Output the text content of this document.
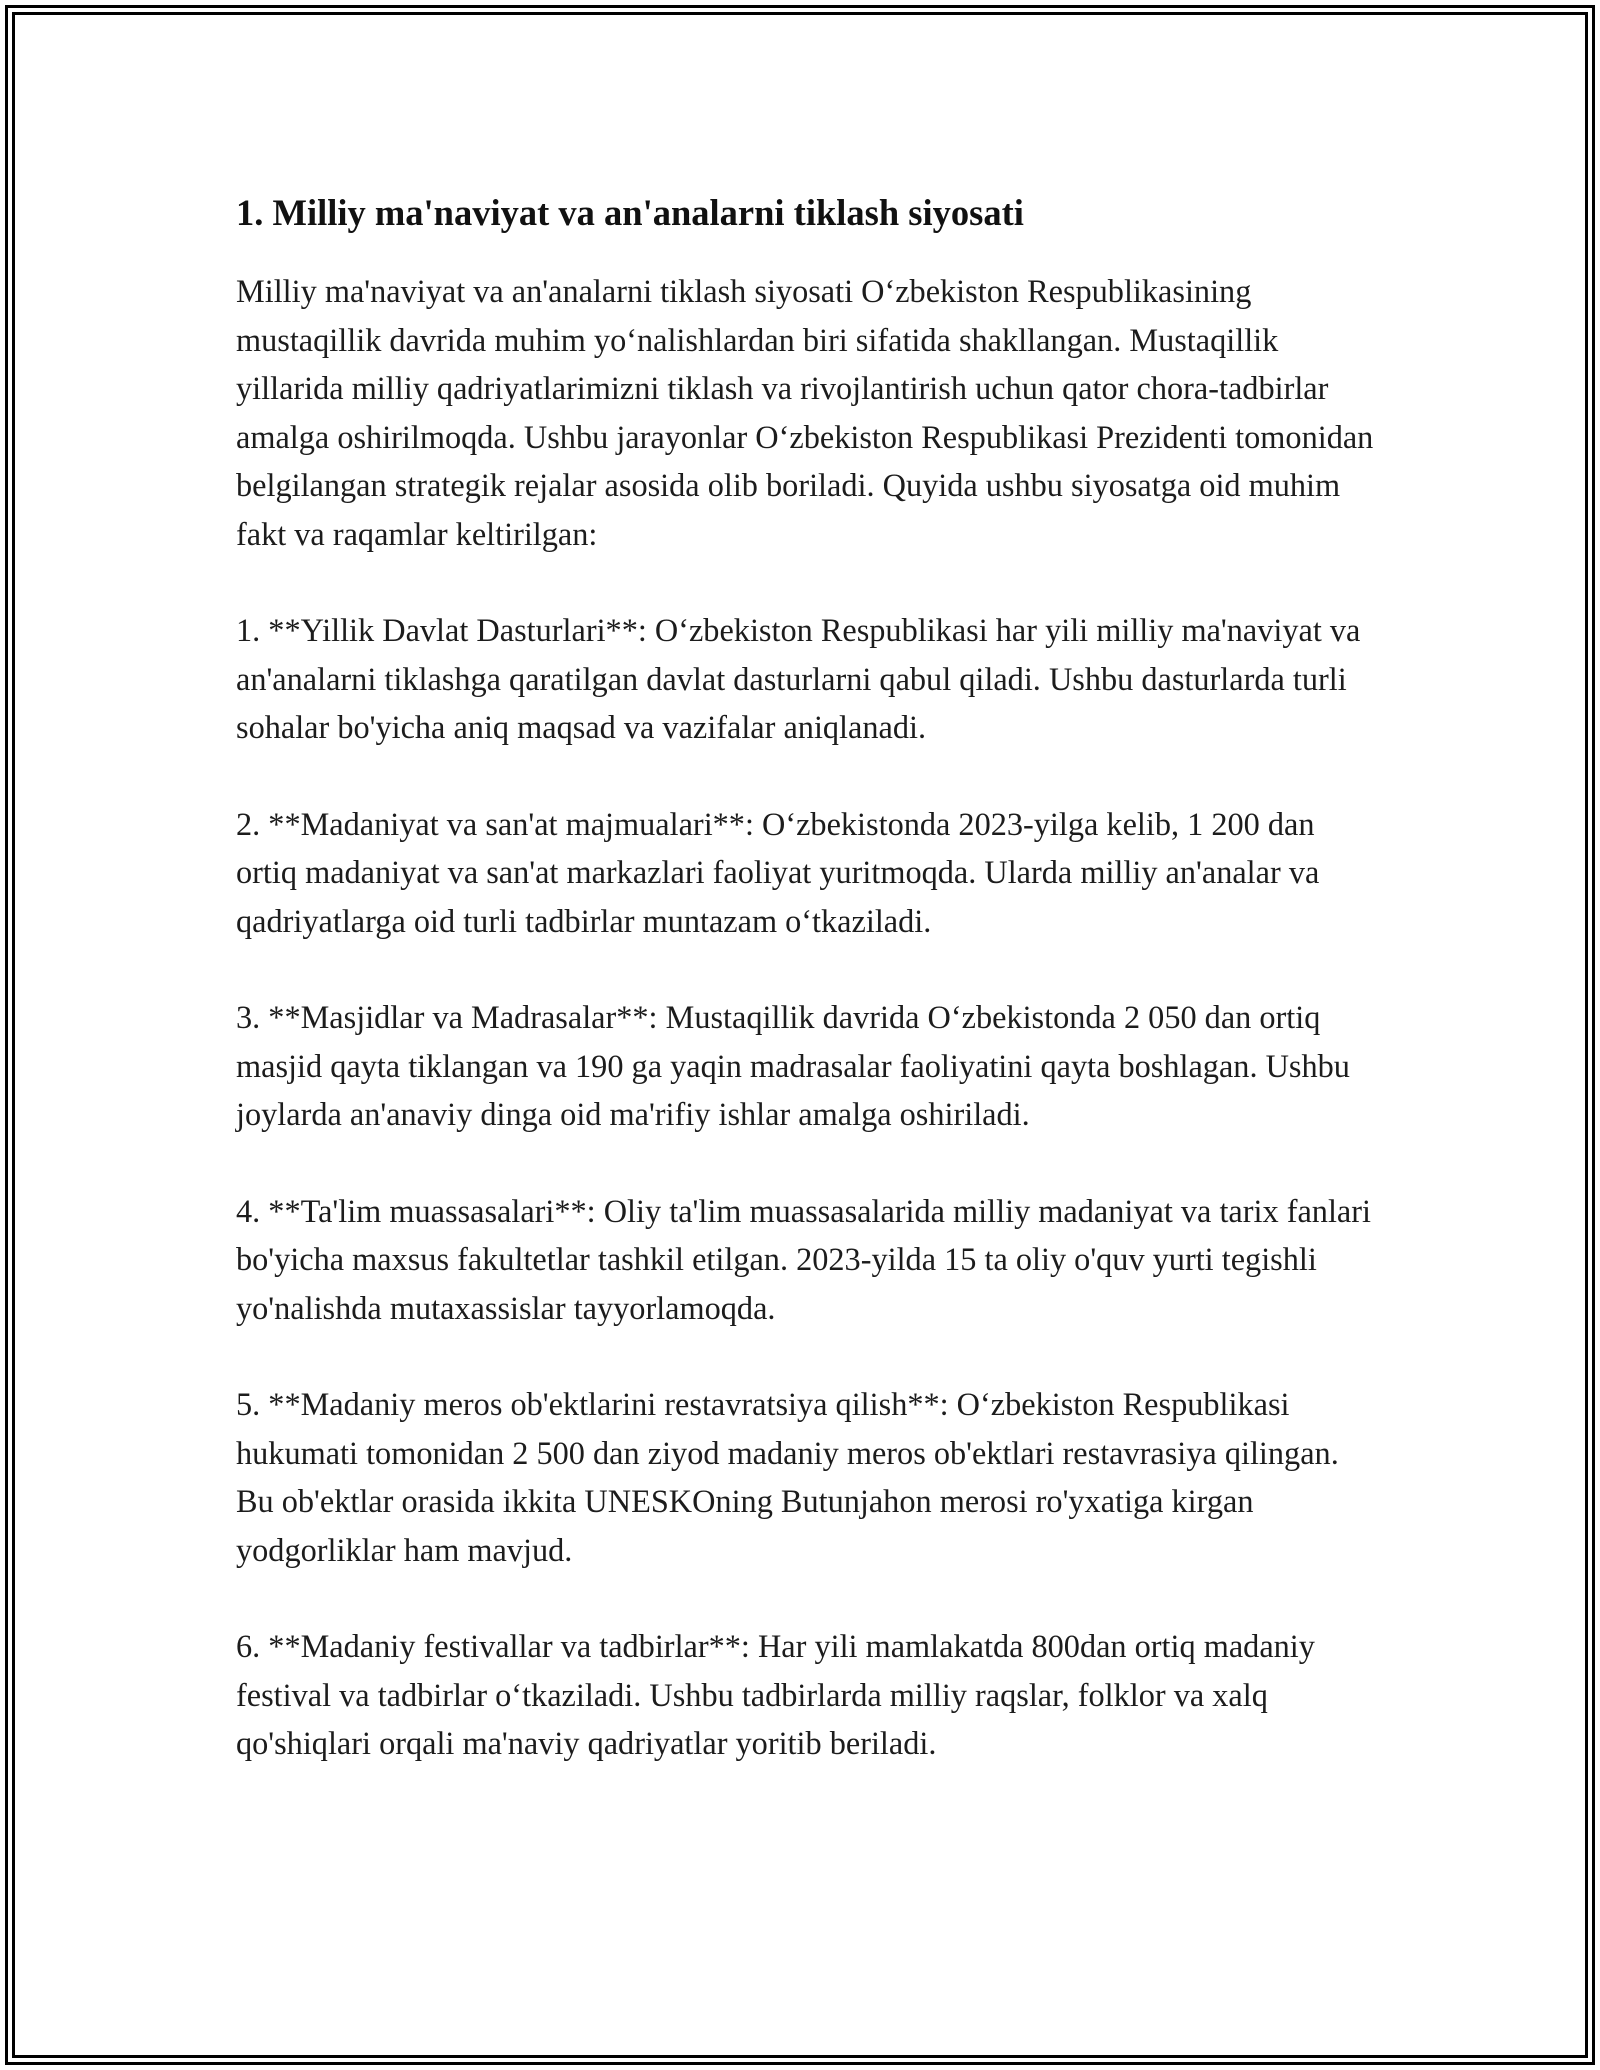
1. Milliy ma'naviyat va an'analarni tiklash siyosati

Milliy ma'naviyat va an'analarni tiklash siyosati O‘zbekiston Respublikasining mustaqillik davrida muhim yo‘nalishlardan biri sifatida shakllangan. Mustaqillik yillarida milliy qadriyatlarimizni tiklash va rivojlantirish uchun qator chora-tadbirlar amalga oshirilmoqda. Ushbu jarayonlar O‘zbekiston Respublikasi Prezidenti tomonidan belgilangan strategik rejalar asosida olib boriladi. Quyida ushbu siyosatga oid muhim fakt va raqamlar keltirilgan:

1. **Yillik Davlat Dasturlari**: O‘zbekiston Respublikasi har yili milliy ma'naviyat va an'analarni tiklashga qaratilgan davlat dasturlarni qabul qiladi. Ushbu dasturlarda turli sohalar bo'yicha aniq maqsad va vazifalar aniqlanadi.

2. **Madaniyat va san'at majmualari**: O‘zbekistonda 2023-yilga kelib, 1 200 dan ortiq madaniyat va san'at markazlari faoliyat yuritmoqda. Ularda milliy an'analar va qadriyatlarga oid turli tadbirlar muntazam o‘tkaziladi.

3. **Masjidlar va Madrasalar**: Mustaqillik davrida O‘zbekistonda 2 050 dan ortiq masjid qayta tiklangan va 190 ga yaqin madrasalar faoliyatini qayta boshlagan. Ushbu joylarda an'anaviy dinga oid ma'rifiy ishlar amalga oshiriladi.

4. **Ta'lim muassasalari**: Oliy ta'lim muassasalarida milliy madaniyat va tarix fanlari bo'yicha maxsus fakultetlar tashkil etilgan. 2023-yilda 15 ta oliy o'quv yurti tegishli yo'nalishda mutaxassislar tayyorlamoqda.

5. **Madaniy meros ob'ektlarini restavratsiya qilish**: O‘zbekiston Respublikasi hukumati tomonidan 2 500 dan ziyod madaniy meros ob'ektlari restavrasiya qilingan. Bu ob'ektlar orasida ikkita UNESKOning Butunjahon merosi ro'yxatiga kirgan yodgorliklar ham mavjud.

6. **Madaniy festivallar va tadbirlar**: Har yili mamlakatda 800dan ortiq madaniy festival va tadbirlar o‘tkaziladi. Ushbu tadbirlarda milliy raqslar, folklor va xalq qo'shiqlari orqali ma'naviy qadriyatlar yoritib beriladi.
